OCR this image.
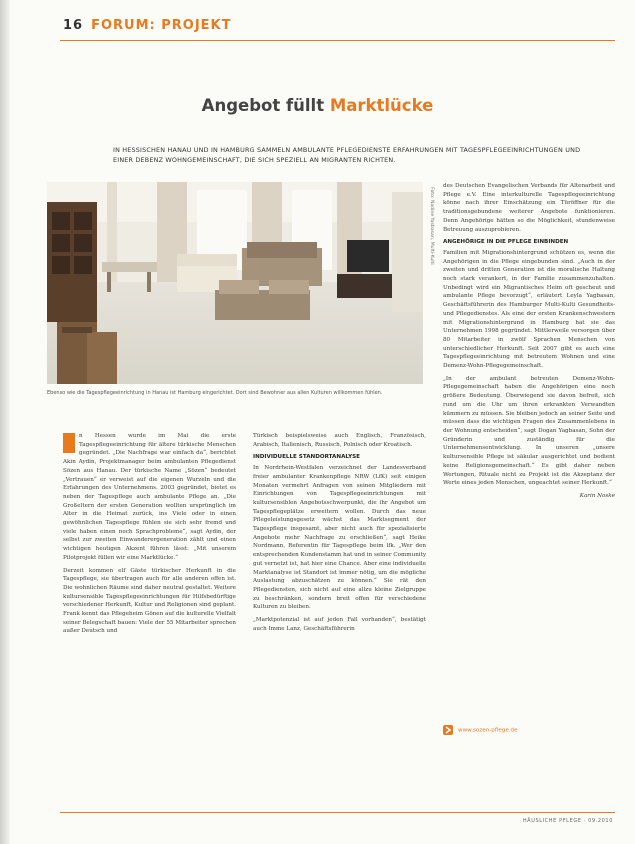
16 FORUM: PROJEKT
Angebot füllt Marktlücke
IN HESSISCHEN HANAU UND IN HAMBURG SAMMELN AMBULANTE PFLEGEDIENSTE ERFAHRUNGEN MIT TAGESPFLEGEEINRICHTUNGEN UND EINER DEBENZ WOHNGEMEINSCHAFT, DIE SICH SPEZIELL AN MIGRANTEN RICHTEN.
Foto: Nadine Yasbasan, Multi-Kulti
Ebenso wie die Tagespflegeeinrichtung in Hanau ist Hamburg eingerichtet. Dort sind Bewohner aus allen Kulturen willkommen fühlen.

n Hessen wurde im Mai die erste Tagespflegeeinrichtung für ältere türkische Menschen gegründet. „Die Nachfrage war einfach da“, berichtet Akin Aydin, Projektmanager beim ambulanten Pflegedienst Sözen aus Hanau. Der türkische Name „Sözen“ bedeutet „Vertrauen“ er verweist auf die eigenen Wurzeln und die Erfahrungen des Unternehmens. 2003 gegründet, bietet es neben der Tagespflege auch ambulante Pflege an. „Die Großeltern der ersten Generation wollten ursprünglich im Alter in die Heimat zurück, ins Viele oder in einen gewöhnlichen Tagespflege fühlen sie sich sehr fremd und viele haben einen noch Sprachprobleme“, sagt Aydin, der selbst zur zweiten Einwanderergeneration zählt und einen wichtigen heutigen Akzent führen lässt: „Mit unserem Pilotprojekt füllen wir eine Marktlücke.“

Derzeit kommen elf Gäste türkischer Herkunft in die Tagespflege, sie übertragen auch für alle anderen offen ist. Die wohnlichen Räume sind daher neutral gestaltet. Weitere kultursensible Tagespflegeeinrichtungen für Hilfsbedürftige verschiedener Herkunft, Kultur und Religionen sind geplant. Frank kennt das Pflegeheim Gönen auf die kulturelle Vielfalt seiner Belegschaft bauen: Viele der 55 Mitarbeiter sprechen außer Deutsch und

Türkisch beispielsweise auch Englisch, Französisch, Arabisch, Italienisch, Russisch, Polnisch oder Kroatisch.

INDIVIDUELLE STANDORTANALYSE

In Nordrhein-Westfalen verzeichnet der Landesverband freier ambulanter Krankenpflege NRW (LfK) seit einigen Monaten vermehrt Anfragen von seinen Mitgliedern mit Einrichtungen von Tagespflegeeinrichtungen mit kultursensiblen Angebotsschwerpunkt, die ihr Angebot um Tagespflegeplätze erweitern wollen. Durch das neue Pflegeleistungsgesetz wächst das Marktsegment der Tagespflege insgesamt, aber nicht auch für spezialisierte Angebote mehr Nachfrage zu erschließen“, sagt Heike Nordmann, Referentin für Tagespflege beim lfk. „Wer den entsprechenden Kundenstamm hat und in seiner Community gut vernetzt ist, hat hier eine Chance. Aber eine individuelle Marktanalyse ist Standort ist immer nötig, um die mögliche Auslastung abzuschätzen zu können.“ Sie rät den Pflegediensten, sich nicht auf eine allzu kleine Zielgruppe zu beschränken, sondern breit offen für verschiedene Kulturen zu bleiben.

„Marktpotenzial ist auf jeden Fall vorhanden“, bestätigt auch Imme Lanz, Geschäftsführerin

des Deutschen Evangelischen Verbands für Altenarbeit und Pflege e.V. Eine interkulturelle Tagespflegeeinrichtung könne nach ihrer Einschätzung ein Türöffner für die traditionsgebundene weiterer Angebote funktionieren. Denn Angehörige hätten so die Möglichkeit, stundenweise Betreuung auszuprobieren.

ANGEHÖRIGE IN DIE PFLEGE EINBINDEN

Familien mit Migrationshintergrund schützen es, wenn die Angehörigen in die Pflege eingebunden sind. „Auch in der zweiten und dritten Generation ist die moralische Haltung noch stark verankert, in der Familie zusammenzuhalten. Unbedingt wird ein Migrantisches Heim oft gescheut und ambulante Pflege bevorzugt“, erläutert Leyla Yagbasan, Geschäftsführerin des Hamburger Multi-Kulti Gesundheits- und Pflegedienstes. Als eine der ersten Krankenschwestern mit Migrationshintergrund in Hamburg hat sie das Unternehmen 1998 gegründet. Mittlerweile versorgen über 80 Mitarbeiter in zwölf Sprachen Menschen von unterschiedlicher Herkunft. Seit 2007 gibt es auch eine Tagespflegeeinrichtung mit betreutem Wohnen und eine Demenz-Wohn-Pflegegemeinschaft.

„In der ambulant betreuten Demenz-Wohn-Pflegegemeinschaft haben die Angehörigen eine noch größere Bedeutung. Überwiegend sie davon befreit, sich rund um die Uhr um ihren erkrankten Verwandten kümmern zu müssen. Sie bleiben jedoch an seiner Seite und müssen dass die wichtigen Fragen des Zusammenlebens in der Wohnung entscheiden“, sagt Dogan Yagbasan, Sohn der Gründerin und zuständig für die Unternehmensentwicklung. In unseren „unsere kultursensible Pflege ist säkular ausgerichtet und bedient keine Religionsgemeinschaft.“ Es gibt daher neben Wertungen, Rituale nicht zu Projekt ist die Akzeptanz der Werte eines jeden Menschen, ungeachtet seiner Herkunft.“

Karin Noske
www.sozen-pflege.de
HÄUSLICHE PFLEGE · 09.2010
